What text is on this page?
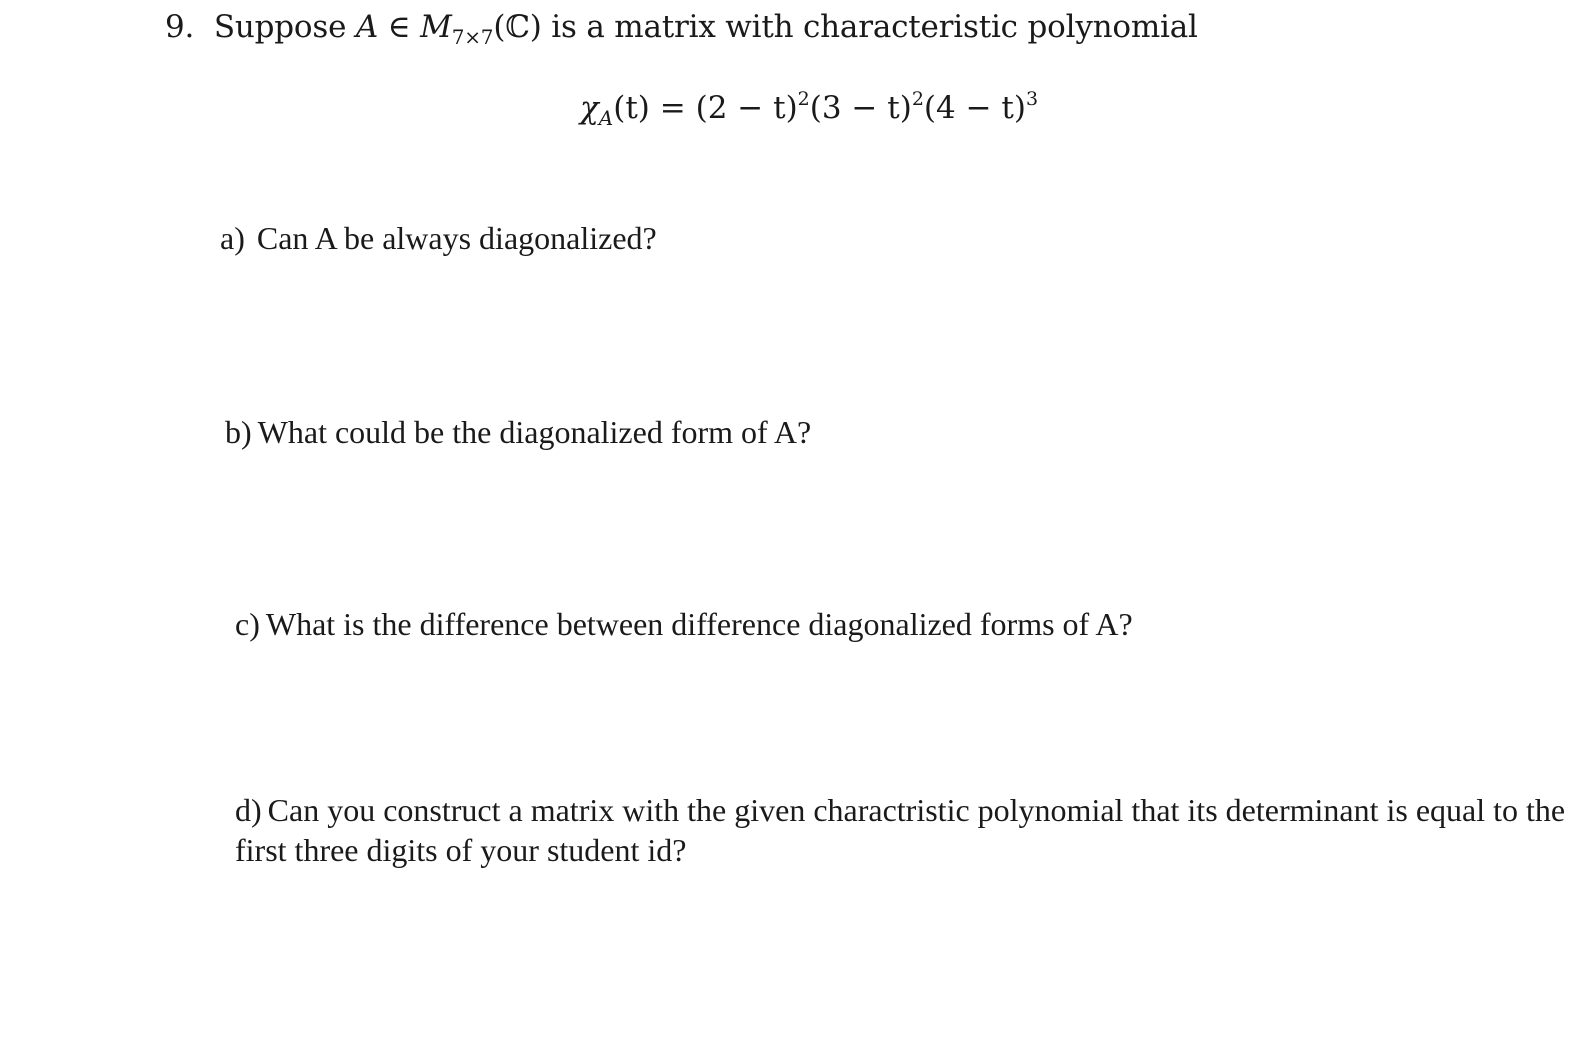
9. Suppose A ∈ $M_{7\times 7}(ℂ)$ is a matrix with characteristic polynomial
$\chi_A(t) = (2 - t)^2(3 - t)^2(4 - t)^3$
a) Can A be always diagonalized?
b) What could be the diagonalized form of A?
c) What is the difference between difference diagonalized forms of A?
d) Can you construct a matrix with the given charactristic polynomial that its determinant is equal to the first three digits of your student id?
